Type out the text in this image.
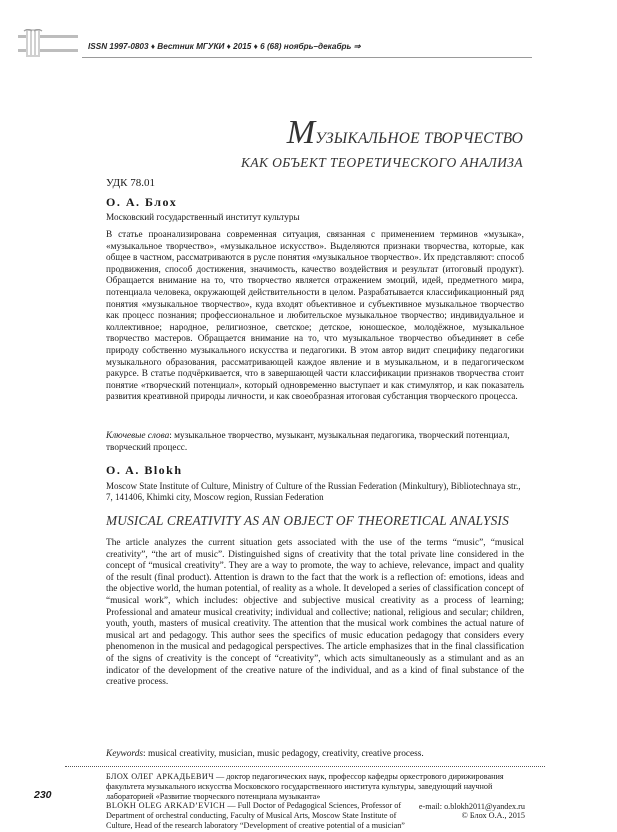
ISSN 1997-0803 ♦ Вестник МГУКИ ♦ 2015 ♦ 6 (68) ноябрь–декабрь ⇒
МУЗЫКАЛЬНОЕ ТВОРЧЕСТВО
КАК ОБЪЕКТ ТЕОРЕТИЧЕСКОГО АНАЛИЗА
УДК 78.01
О. А. Блох
Московский государственный институт культуры
В статье проанализирована современная ситуация, связанная с применением терминов «музыка», «музыкальное творчество», «музыкальное искусство». Выделяются признаки творчества, которые, как общее в частном, рассматриваются в русле понятия «музыкальное творчество». Их представляют: способ продвижения, способ достижения, значимость, качество воздействия и результат (итоговый продукт). Обращается внимание на то, что творчество является отражением эмоций, идей, предметного мира, потенциала человека, окружающей действительности в целом. Разрабатывается классификационный ряд понятия «музыкальное творчество», куда входят объективное и субъективное музыкальное творчество как процесс познания; профессиональное и любительское музыкальное творчество; индивидуальное и коллективное; народное, религиозное, светское; детское, юношеское, молодёжное, музыкальное творчество мастеров. Обращается внимание на то, что музыкальное творчество объединяет в себе природу собственно музыкального искусства и педагогики. В этом автор видит специфику педагогики музыкального образования, рассматривающей каждое явление и в музыкальном, и в педагогическом ракурсе. В статье подчёркивается, что в завершающей части классификации признаков творчества стоит понятие «творческий потенциал», который одновременно выступает и как стимулятор, и как показатель развития креативной природы личности, и как своеобразная итоговая субстанция творческого процесса.
Ключевые слова: музыкальное творчество, музыкант, музыкальная педагогика, творческий потенциал, творческий процесс.
O. A. Blokh
Moscow State Institute of Culture, Ministry of Culture of the Russian Federation (Minkultury), Bibliotechnaya str., 7, 141406, Khimki city, Moscow region, Russian Federation
MUSICAL CREATIVITY AS AN OBJECT OF THEORETICAL ANALYSIS
The article analyzes the current situation gets associated with the use of the terms “music”, “musical creativity”, “the art of music”. Distinguished signs of creativity that the total private line considered in the concept of “musical creativity”. They are a way to promote, the way to achieve, relevance, impact and quality of the result (final product). Attention is drawn to the fact that the work is a reflection of: emotions, ideas and the objective world, the human potential, of reality as a whole. It developed a series of classification concept of “musical work”, which includes: objective and subjective musical creativity as a process of learning; Professional and amateur musical creativity; individual and collective; national, religious and secular; children, youth, youth, masters of musical creativity. The attention that the musical work combines the actual nature of musical art and pedagogy. This author sees the specifics of music education pedagogy that considers every phenomenon in the musical and pedagogical perspectives. The article emphasizes that in the final classification of the signs of creativity is the concept of “creativity”, which acts simultaneously as a stimulant and as an indicator of the development of the creative nature of the individual, and as a kind of final substance of the creative process.
Keywords: musical creativity, musician, music pedagogy, creativity, creative process.
230
БЛОХ ОЛЕГ АРКАДЬЕВИЧ — доктор педагогических наук, профессор кафедры оркестрового дирижирования факультета музыкального искусства Московского государственного института культуры, заведующий научной лабораторией «Развитие творческого потенциала музыканта»
BLOKH OLEG ARKAD’EVICH — Full Doctor of Pedagogical Sciences, Professor of Department of orchestral conducting, Faculty of Musical Arts, Moscow State Institute of Culture, Head of the research laboratory “Development of creative potential of a musician”
e-mail: o.blokh2011@yandex.ru
© Блох О.А., 2015
